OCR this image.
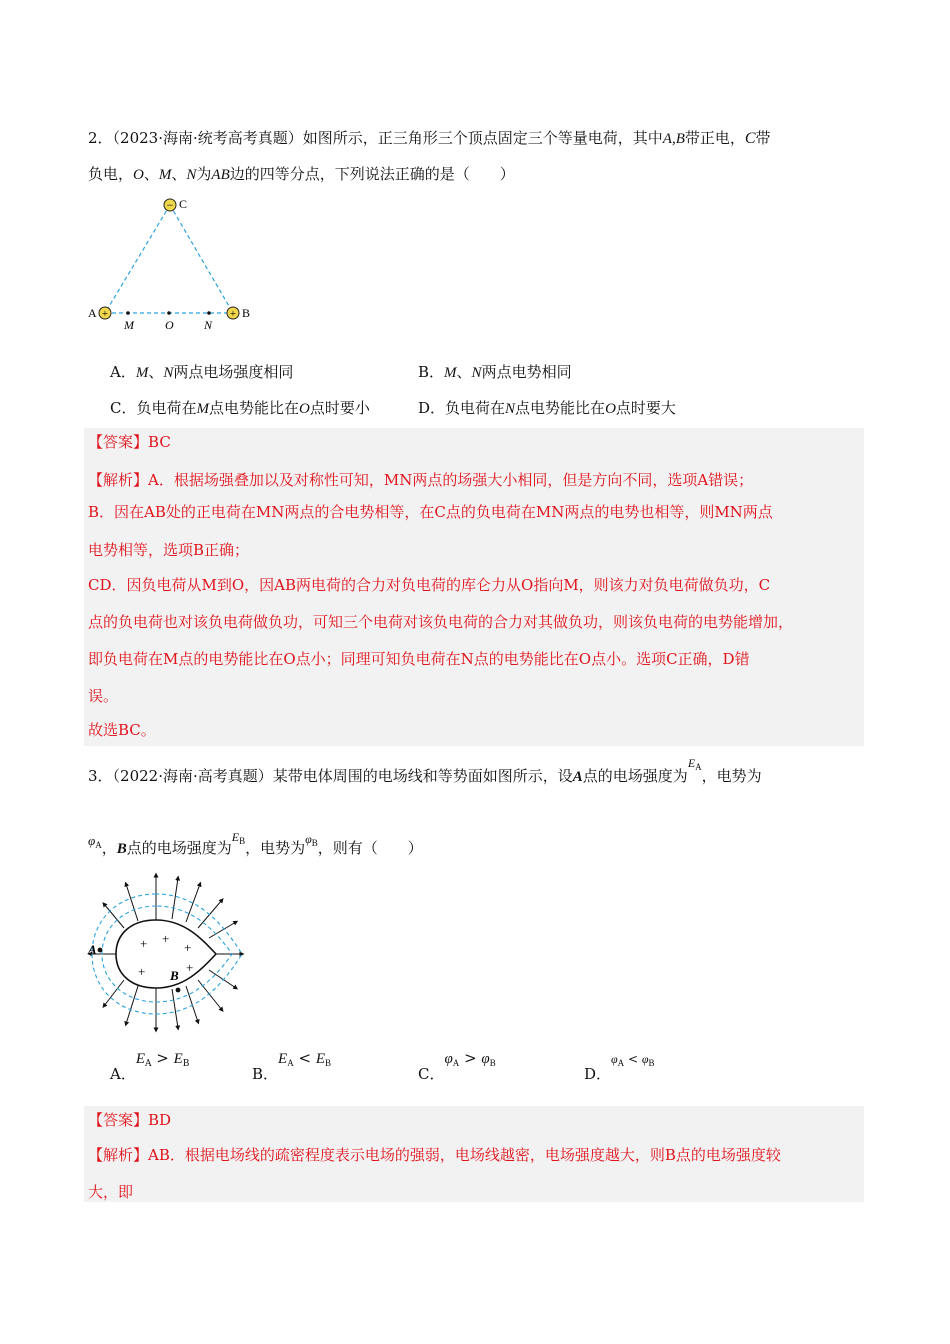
2．（2023·海南·统考高考真题）如图所示，正三角形三个顶点固定三个等量电荷，其中A,B带正电，C带
负电，O、M、N为AB边的四等分点，下列说法正确的是（　　）
− C
+
A	+ B
M	O	N
A．M、N两点电场强度相同	B．M、N两点电势相同
C．负电荷在M点电势能比在O点时要小	D．负电荷在N点电势能比在O点时要大
【答案】BC
【解析】A．根据场强叠加以及对称性可知，MN两点的场强大小相同，但是方向不同，选项A错误；
B．因在AB处的正电荷在MN两点的合电势相等，在C点的负电荷在MN两点的电势也相等，则MN两点
电势相等，选项B正确；
CD．因负电荷从M到O，因AB两电荷的合力对负电荷的库仑力从O指向M，则该力对负电荷做负功，C
点的负电荷也对该负电荷做负功，可知三个电荷对该负电荷的合力对其做负功，则该负电荷的电势能增加，
即负电荷在M点的电势能比在O点小；同理可知负电荷在N点的电势能比在O点小。选项C正确，D错
误。
故选BC。
3．（2022·海南·高考真题）某带电体周围的电场线和等势面如图所示，设A点的电场强度为$E_A$，电势为
$\varphi_A$，B点的电场强度为$E_B$，电势为$\varphi_B$，则有（　　）
+ +
+
+	+
A
B
A．$E_A > E_B$
B．$E_A < E_B$
C．$\varphi_A > \varphi_B$
D．$\varphi_A < \varphi_B$
【答案】BD
【解析】AB．根据电场线的疏密程度表示电场的强弱，电场线越密，电场强度越大，则B点的电场强度较
大，即
